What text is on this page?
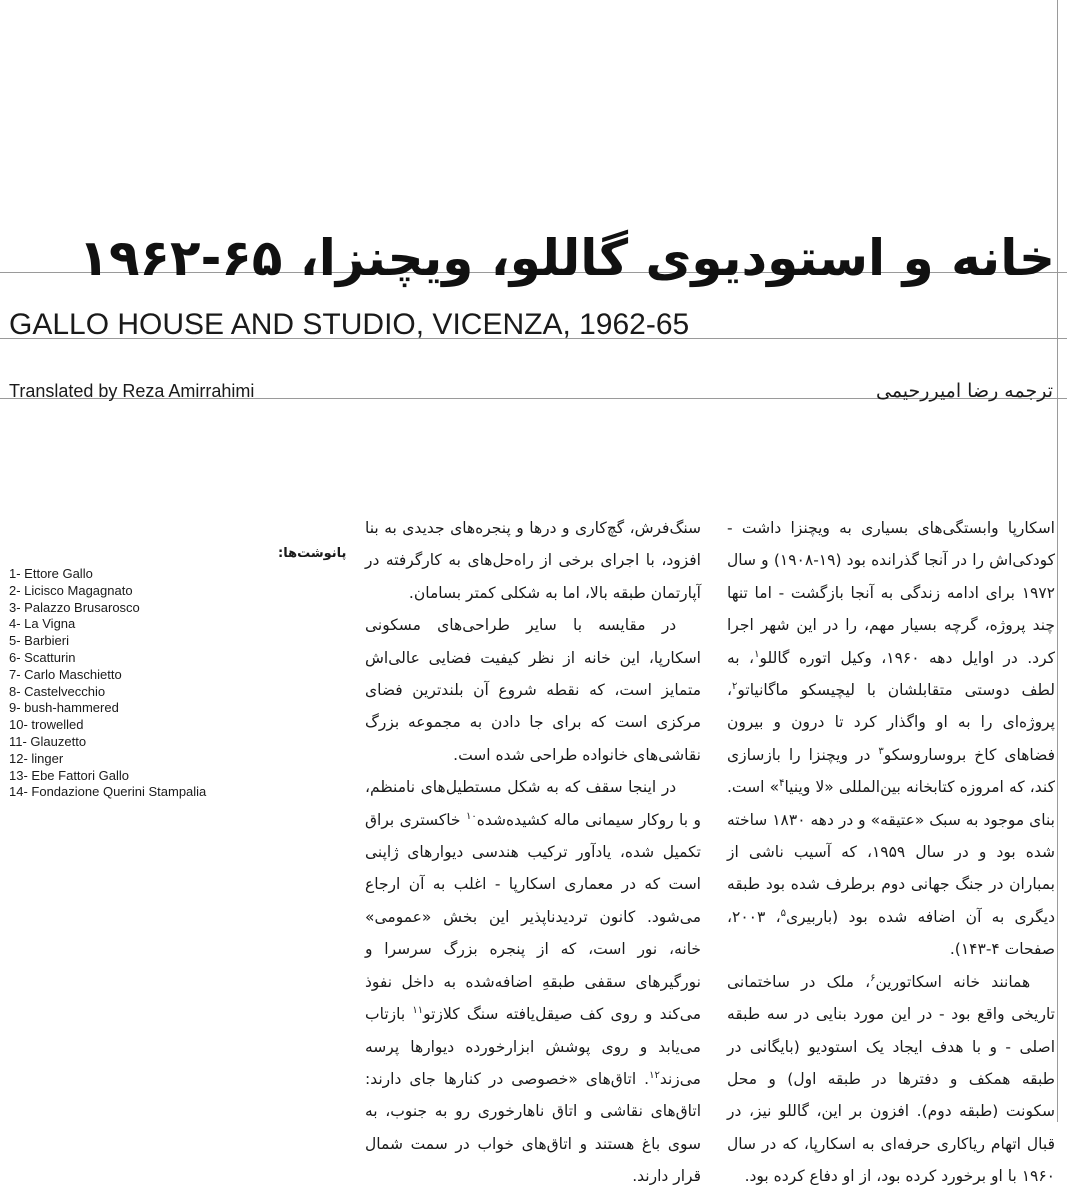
خانه و استودیوی گاللو، ویچنزا، ۶۵-۱۹۶۲
GALLO HOUSE AND STUDIO, VICENZA, 1962-65
Translated by Reza Amirrahimi	ترجمه رضا امیررحیمی

اسکارپا وابستگی‌های بسیاری به ویچنزا داشت - کودکی‌اش را در آنجا گذرانده بود (۱۹-۱۹۰۸) و سال ۱۹۷۲ برای ادامه زندگی به آنجا بازگشت - اما تنها چند پروژه، گرچه بسیار مهم، را در این شهر اجرا کرد. در اوایل دهه ۱۹۶۰، وکیل اتوره گاللو$^۱$، به لطف دوستی متقابلشان با لیچیسکو ماگانیاتو$^۲$، پروژه‌ای را به او واگذار کرد تا درون و بیرون فضاهای کاخ بروساروسکو$^۳$ در ویچنزا را بازسازی کند، که امروزه کتابخانه بین‌المللی «لا وینیا$^۴$» است. بنای موجود به سبک «عتیقه» و در دهه ۱۸۳۰ ساخته شده بود و در سال ۱۹۵۹، که آسیب ناشی از بمباران در جنگ جهانی دوم برطرف شده بود طبقه دیگری به آن اضافه شده بود (باربیری$^۵$، ۲۰۰۳، صفحات ۴-۱۴۳).

همانند خانه اسکاتورین$^۶$، ملک در ساختمانی تاریخی واقع بود - در این مورد بنایی در سه طبقه اصلی - و با هدف ایجاد یک استودیو (بایگانی در طبقه همکف و دفترها در طبقه اول) و محل سکونت (طبقه دوم). افزون بر این، گاللو نیز، در قبال اتهام ریاکاری حرفه‌ای به اسکارپا، که در سال ۱۹۶۰ با او برخورد کرده بود، از او دفاع کرده بود.

سنگ‌فرش، گچ‌کاری و درها و پنجره‌های جدیدی به بنا افزود، با اجرای برخی از راه‌حل‌های به کارگرفته در آپارتمان طبقه بالا، اما به شکلی کمتر بسامان.

در مقایسه با سایر طراحی‌های مسکونی اسکارپا، این خانه از نظر کیفیت فضایی عالی‌اش متمایز است، که نقطه شروع آن بلندترین فضای مرکزی است که برای جا دادن به مجموعه بزرگ نقاشی‌های خانواده طراحی شده است.

در اینجا سقف که به شکل مستطیل‌های نامنظم، و با روکار سیمانی ماله کشیده‌شده$^{۱۰}$ خاکستری براق تکمیل شده، یادآور ترکیب هندسی دیوارهای ژاپنی است که در معماری اسکارپا - اغلب به آن ارجاع می‌شود. کانون تردیدناپذیر این بخش «عمومی» خانه، نور است، که از پنجره بزرگ سرسرا و نورگیرهای سقفی طبقهِ اضافه‌شده به داخل نفوذ می‌کند و روی کف صیقل‌یافته سنگ کلازتو$^{۱۱}$ بازتاب می‌یابد و روی پوشش ابزارخورده دیوارها پرسه می‌زند$^{۱۲}$. اتاق‌های «خصوصی در کنارها جای دارند: اتاق‌های نقاشی و اتاق ناهارخوری رو به جنوب، به سوی باغ هستند و اتاق‌های خواب در سمت شمال قرار دارند.

پانوشت‌ها:
1- Ettore Gallo
2- Licisco Magagnato
3- Palazzo Brusarosco
4- La Vigna
5- Barbieri
6- Scatturin
7- Carlo Maschietto
8- Castelvecchio
9- bush-hammered
10- trowelled
11- Glauzetto
12- linger
13- Ebe Fattori Gallo
14- Fondazione Querini Stampalia
